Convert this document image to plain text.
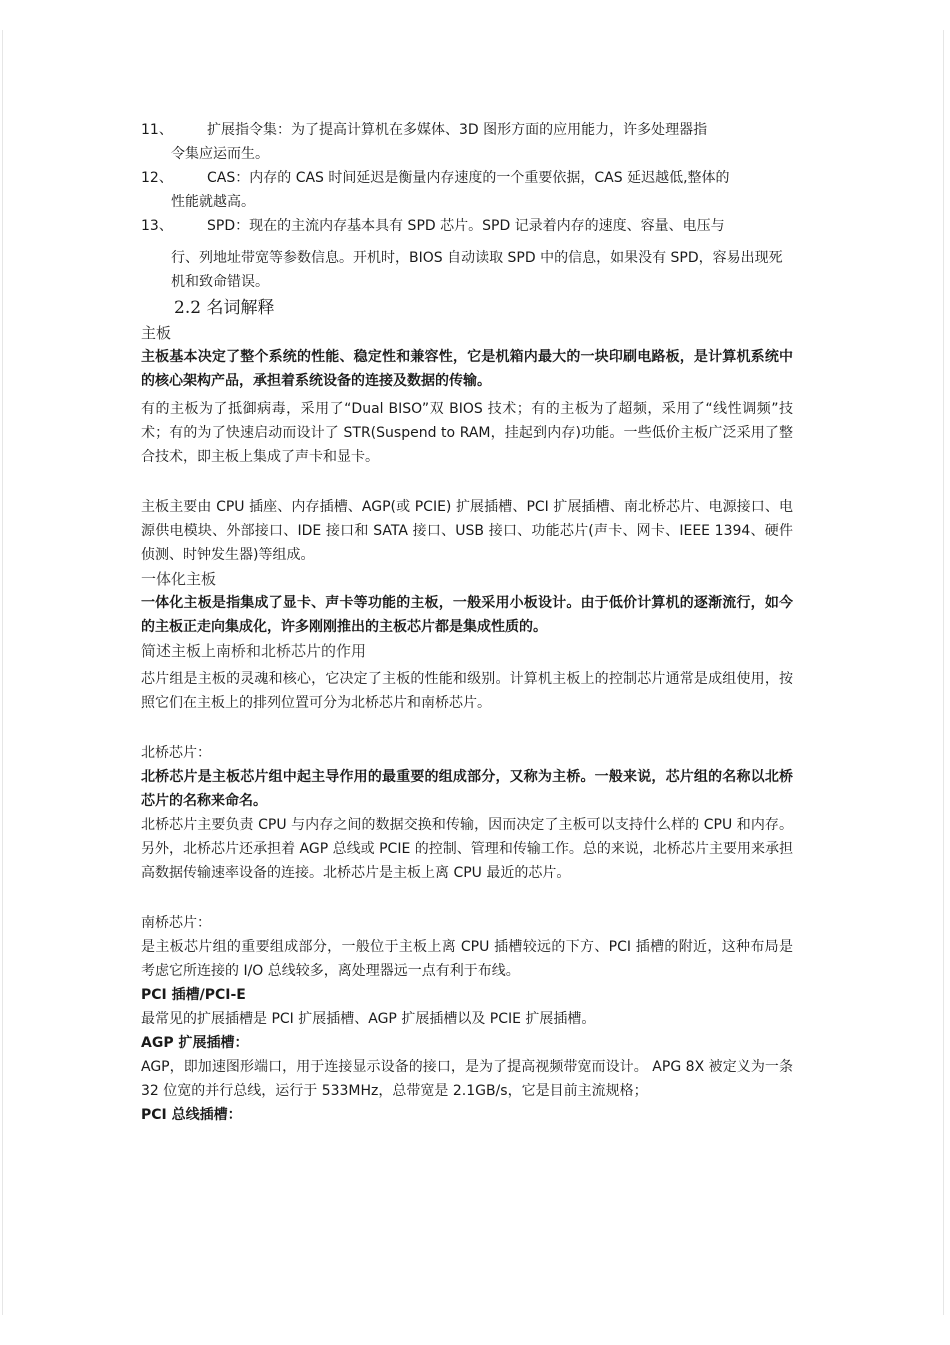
11、	扩展指令集：为了提高计算机在多媒体、3D 图形方面的应用能力，许多处理器指

令集应运而生。

12、	CAS：内存的 CAS 时间延迟是衡量内存速度的一个重要依据，CAS 延迟越低,整体的

性能就越高。

13、	SPD：现在的主流内存基本具有 SPD 芯片。SPD 记录着内存的速度、容量、电压与

行、列地址带宽等参数信息。开机时，BIOS 自动读取 SPD 中的信息，如果没有 SPD，容易出现死机和致命错误。

2.2 名词解释

主板

主板基本决定了整个系统的性能、稳定性和兼容性，它是机箱内最大的一块印刷电路板，是计算机系统中的核心架构产品，承担着系统设备的连接及数据的传输。

有的主板为了抵御病毒，采用了“Dual BISO”双 BIOS 技术；有的主板为了超频，采用了“线性调频”技术；有的为了快速启动而设计了 STR(Suspend to RAM，挂起到内存)功能。一些低价主板广泛采用了整合技术，即主板上集成了声卡和显卡。

主板主要由 CPU 插座、内存插槽、AGP(或 PCIE) 扩展插槽、PCI 扩展插槽、南北桥芯片、电源接口、电源供电模块、外部接口、IDE 接口和 SATA 接口、USB 接口、功能芯片(声卡、网卡、IEEE 1394、硬件侦测、时钟发生器)等组成。

一体化主板

一体化主板是指集成了显卡、声卡等功能的主板，一般采用小板设计。由于低价计算机的逐渐流行，如今的主板正走向集成化，许多刚刚推出的主板芯片都是集成性质的。

简述主板上南桥和北桥芯片的作用

芯片组是主板的灵魂和核心，它决定了主板的性能和级别。计算机主板上的控制芯片通常是成组使用，按照它们在主板上的排列位置可分为北桥芯片和南桥芯片。

北桥芯片：

北桥芯片是主板芯片组中起主导作用的最重要的组成部分，又称为主桥。一般来说，芯片组的名称以北桥芯片的名称来命名。

北桥芯片主要负责 CPU 与内存之间的数据交换和传输，因而决定了主板可以支持什么样的 CPU 和内存。另外，北桥芯片还承担着 AGP 总线或 PCIE 的控制、管理和传输工作。总的来说，北桥芯片主要用来承担高数据传输速率设备的连接。北桥芯片是主板上离 CPU 最近的芯片。

南桥芯片：

是主板芯片组的重要组成部分，一般位于主板上离 CPU 插槽较远的下方、PCI 插槽的附近，这种布局是考虑它所连接的 I/O 总线较多，离处理器远一点有利于布线。

PCI 插槽/PCI-E

最常见的扩展插槽是 PCI 扩展插槽、AGP 扩展插槽以及 PCIE 扩展插槽。

AGP 扩展插槽：

AGP，即加速图形端口，用于连接显示设备的接口，是为了提高视频带宽而设计。 APG 8X 被定义为一条 32 位宽的并行总线，运行于 533MHz，总带宽是 2.1GB/s，它是目前主流规格；

PCI 总线插槽：
